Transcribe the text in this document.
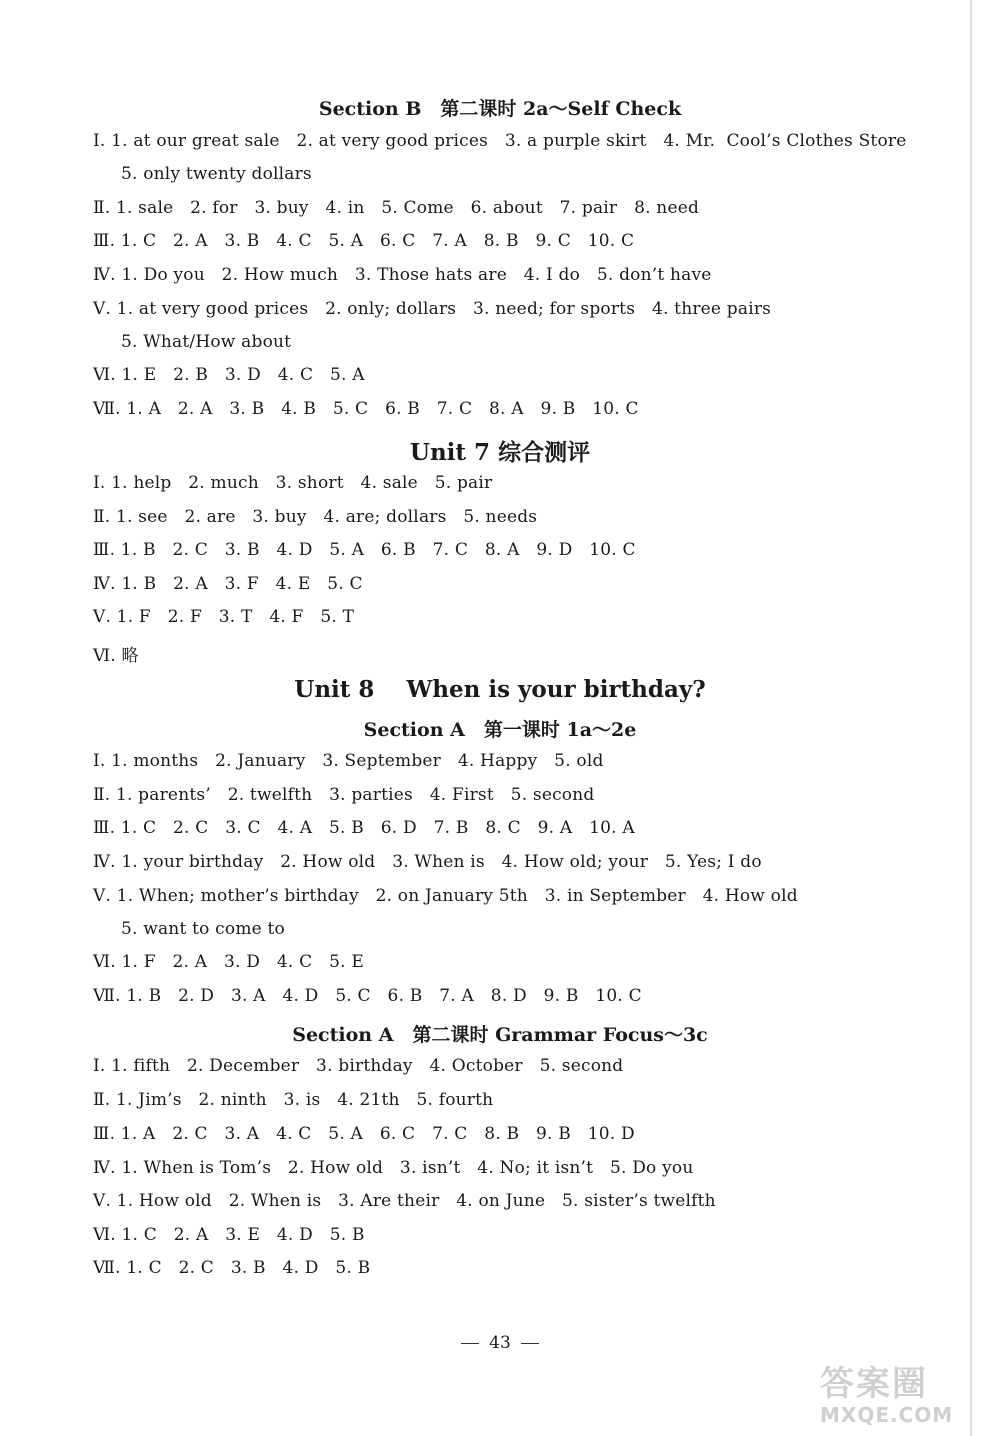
Section B　第二课时 2a～Self Check
Ⅰ. 1. at our great sale   2. at very good prices   3. a purple skirt   4. Mr.  Cool’s Clothes Store
5. only twenty dollars
Ⅱ. 1. sale   2. for   3. buy   4. in   5. Come   6. about   7. pair   8. need
Ⅲ. 1. C   2. A   3. B   4. C   5. A   6. C   7. A   8. B   9. C   10. C
Ⅳ. 1. Do you   2. How much   3. Those hats are   4. I do   5. don’t have
Ⅴ. 1. at very good prices   2. only; dollars   3. need; for sports   4. three pairs
5. What/How about
Ⅵ. 1. E   2. B   3. D   4. C   5. A
Ⅶ. 1. A   2. A   3. B   4. B   5. C   6. B   7. C   8. A   9. B   10. C
Unit 7 综合测评
Ⅰ. 1. help   2. much   3. short   4. sale   5. pair
Ⅱ. 1. see   2. are   3. buy   4. are; dollars   5. needs
Ⅲ. 1. B   2. C   3. B   4. D   5. A   6. B   7. C   8. A   9. D   10. C
Ⅳ. 1. B   2. A   3. F   4. E   5. C
Ⅴ. 1. F   2. F   3. T   4. F   5. T
Ⅵ. 略
Unit 8    When is your birthday?
Section A　第一课时 1a～2e
Ⅰ. 1. months   2. January   3. September   4. Happy   5. old
Ⅱ. 1. parents’   2. twelfth   3. parties   4. First   5. second
Ⅲ. 1. C   2. C   3. C   4. A   5. B   6. D   7. B   8. C   9. A   10. A
Ⅳ. 1. your birthday   2. How old   3. When is   4. How old; your   5. Yes; I do
Ⅴ. 1. When; mother’s birthday   2. on January 5th   3. in September   4. How old
5. want to come to
Ⅵ. 1. F   2. A   3. D   4. C   5. E
Ⅶ. 1. B   2. D   3. A   4. D   5. C   6. B   7. A   8. D   9. B   10. C
Section A　第二课时 Grammar Focus～3c
Ⅰ. 1. fifth   2. December   3. birthday   4. October   5. second
Ⅱ. 1. Jim’s   2. ninth   3. is   4. 21th   5. fourth
Ⅲ. 1. A   2. C   3. A   4. C   5. A   6. C   7. C   8. B   9. B   10. D
Ⅳ. 1. When is Tom’s   2. How old   3. isn’t   4. No; it isn’t   5. Do you
Ⅴ. 1. How old   2. When is   3. Are their   4. on June   5. sister’s twelfth
Ⅵ. 1. C   2. A   3. E   4. D   5. B
Ⅶ. 1. C   2. C   3. B   4. D   5. B
43
答案圈
MXQE.COM
